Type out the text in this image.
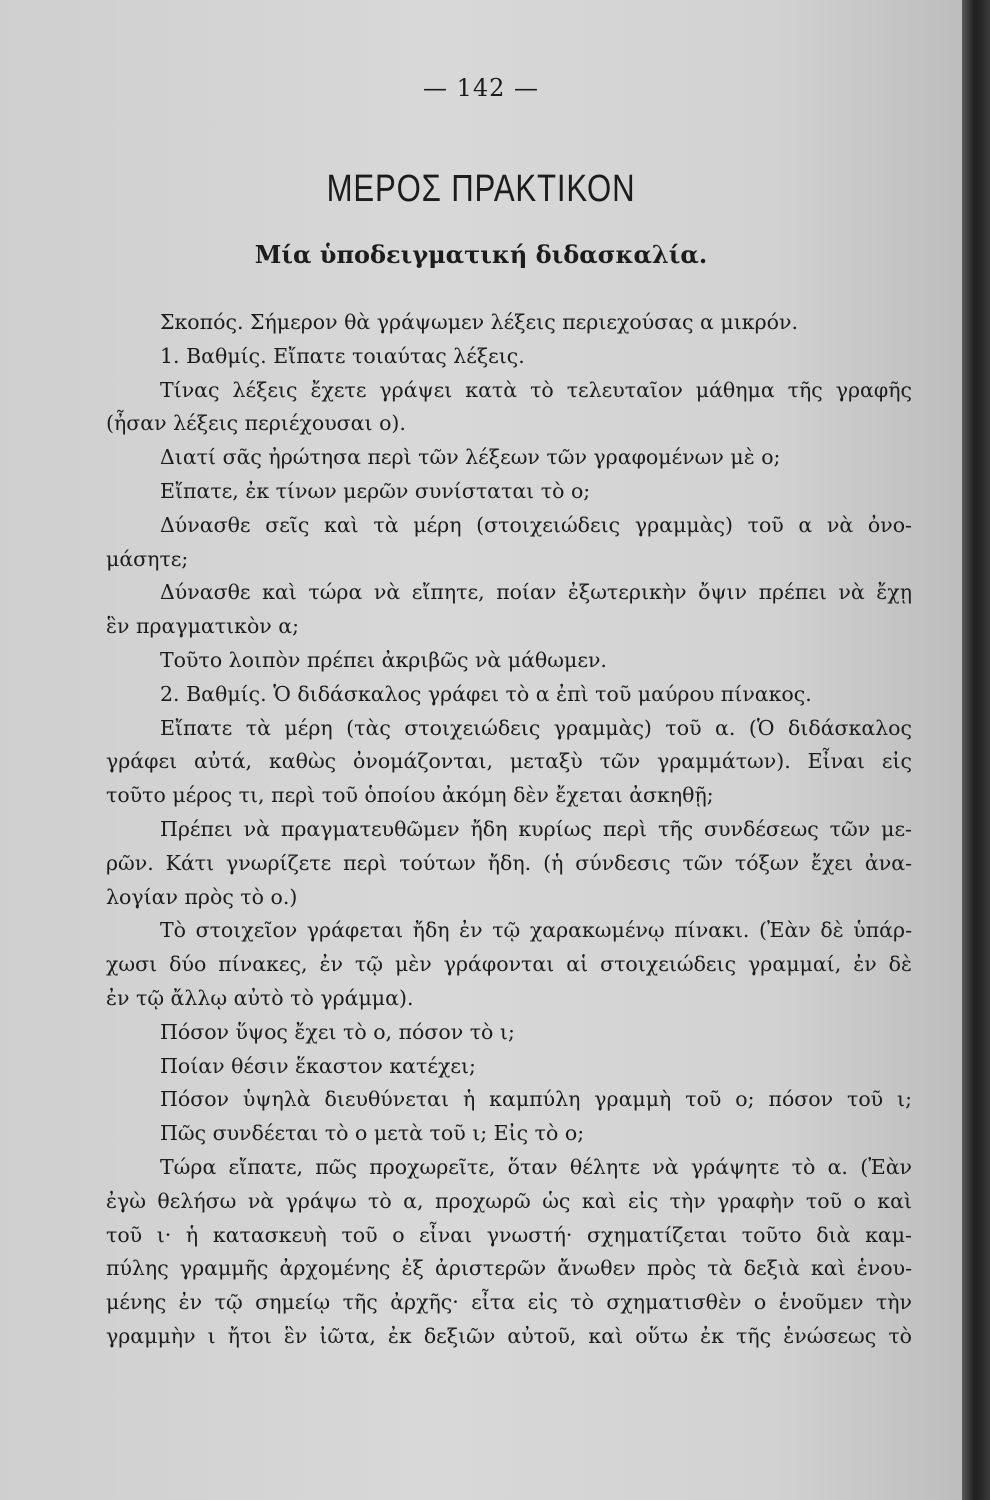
— 142 —
ΜΕΡΟΣ ΠΡΑΚΤΙΚΟΝ
Μία ὑποδειγματική διδασκαλία.
Σκοπός. Σήμερον θὰ γράψωμεν λέξεις περιεχούσας α μικρόν.
1. Βαθμίς. Εἴπατε τοιαύτας λέξεις.
Τίνας λέξεις ἔχετε γράψει κατὰ τὸ τελευταῖον μάθημα τῆς γραφῆς
(ἦσαν λέξεις περιέχουσαι ο).
Διατί σᾶς ἠρώτησα περὶ τῶν λέξεων τῶν γραφομένων μὲ ο;
Εἴπατε, ἐκ τίνων μερῶν συνίσταται τὸ ο;
Δύνασθε σεῖς καὶ τὰ μέρη (στοιχειώδεις γραμμὰς) τοῦ α νὰ ὀνο-
μάσητε;
Δύνασθε καὶ τώρα νὰ εἴπητε, ποίαν ἐξωτερικὴν ὄψιν πρέπει νὰ ἔχῃ
ἓν πραγματικὸν α;
Τοῦτο λοιπὸν πρέπει ἀκριβῶς νὰ μάθωμεν.
2. Βαθμίς. Ὁ διδάσκαλος γράφει τὸ α ἐπὶ τοῦ μαύρου πίνακος.
Εἴπατε τὰ μέρη (τὰς στοιχειώδεις γραμμὰς) τοῦ α. (Ὁ διδάσκαλος
γράφει αὐτά, καθὼς ὀνομάζονται, μεταξὺ τῶν γραμμάτων). Εἶναι εἰς
τοῦτο μέρος τι, περὶ τοῦ ὁποίου ἀκόμη δὲν ἔχεται ἀσκηθῇ;
Πρέπει νὰ πραγματευθῶμεν ἤδη κυρίως περὶ τῆς συνδέσεως τῶν με-
ρῶν. Κάτι γνωρίζετε περὶ τούτων ἤδη. (ἡ σύνδεσις τῶν τόξων ἔχει ἀνα-
λογίαν πρὸς τὸ ο.)
Τὸ στοιχεῖον γράφεται ἤδη ἐν τῷ χαρακωμένῳ πίνακι. (Ἐὰν δὲ ὑπάρ-
χωσι δύο πίνακες, ἐν τῷ μὲν γράφονται αἱ στοιχειώδεις γραμμαί, ἐν δὲ
ἐν τῷ ἄλλῳ αὐτὸ τὸ γράμμα).
Πόσον ὕψος ἔχει τὸ ο, πόσον τὸ ι;
Ποίαν θέσιν ἕκαστον κατέχει;
Πόσον ὑψηλὰ διευθύνεται ἡ καμπύλη γραμμὴ τοῦ ο; πόσον τοῦ ι;
Πῶς συνδέεται τὸ ο μετὰ τοῦ ι; Εἰς τὸ ο;
Τώρα εἴπατε, πῶς προχωρεῖτε, ὅταν θέλητε νὰ γράψητε τὸ α. (Ἐὰν
ἐγὼ θελήσω νὰ γράψω τὸ α, προχωρῶ ὡς καὶ εἰς τὴν γραφὴν τοῦ ο καὶ
τοῦ ι· ἡ κατασκευὴ τοῦ ο εἶναι γνωστή· σχηματίζεται τοῦτο διὰ καμ-
πύλης γραμμῆς ἀρχομένης ἐξ ἀριστερῶν ἄνωθεν πρὸς τὰ δεξιὰ καὶ ἑνου-
μένης ἐν τῷ σημείῳ τῆς ἀρχῆς· εἶτα εἰς τὸ σχηματισθὲν ο ἑνοῦμεν τὴν
γραμμὴν ι ἤτοι ἓν ἰῶτα, ἐκ δεξιῶν αὐτοῦ, καὶ οὕτω ἐκ τῆς ἑνώσεως τὸ
